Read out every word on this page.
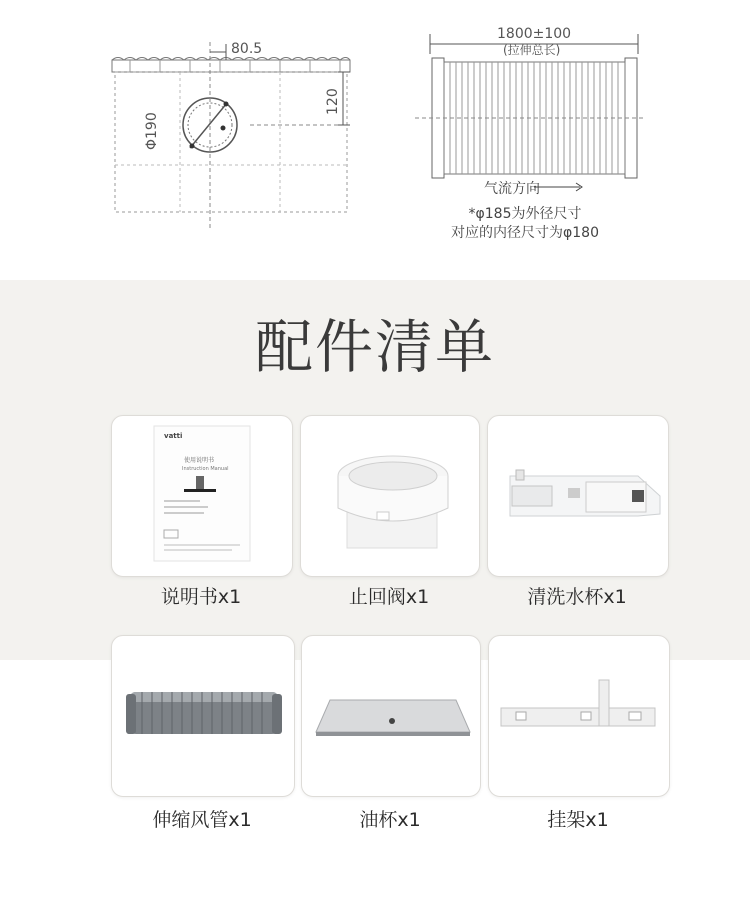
80.5
120
Φ190
1800±100
(拉伸总长)
气流方向
*φ185为外径尺寸
对应的内径尺寸为φ180
配件清单
vatti
使用说明书
Instruction Manual
说明书x1	止回阀x1	清洗水杯x1
伸缩风管x1	油杯x1	挂架x1
